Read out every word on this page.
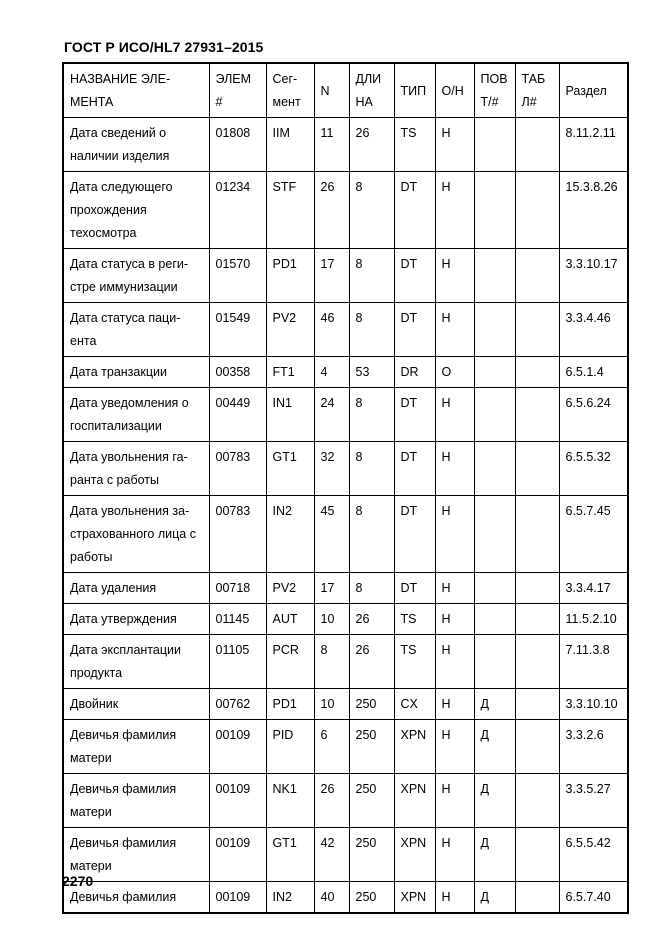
ГОСТ Р ИСО/HL7 27931–2015
НАЗВАНИЕ ЭЛЕМЕНТА	ЭЛЕМ #	Сегмент	N	ДЛИ НА	ТИП	О/Н	ПОВ Т/#	ТАБ Л#	Раздел
Дата сведений о наличии изделия	01808	IIM	11	26	TS	Н			8.11.2.11
Дата следующего прохождения техосмотра	01234	STF	26	8	DT	Н			15.3.8.26
Дата статуса в регистре иммунизации	01570	PD1	17	8	DT	Н			3.3.10.17
Дата статуса пациента	01549	PV2	46	8	DT	Н			3.3.4.46
Дата транзакции	00358	FT1	4	53	DR	О			6.5.1.4
Дата уведомления о госпитализации	00449	IN1	24	8	DT	Н			6.5.6.24
Дата увольнения гаранта с работы	00783	GT1	32	8	DT	Н			6.5.5.32
Дата увольнения застрахованного лица с работы	00783	IN2	45	8	DT	Н			6.5.7.45
Дата удаления	00718	PV2	17	8	DT	Н			3.3.4.17
Дата утверждения	01145	AUT	10	26	TS	Н			11.5.2.10
Дата эксплантации продукта	01105	PCR	8	26	TS	Н			7.11.3.8
Двойник	00762	PD1	10	250	CX	Н	Д		3.3.10.10
Девичья фамилия матери	00109	PID	6	250	XPN	Н	Д		3.3.2.6
Девичья фамилия матери	00109	NK1	26	250	XPN	Н	Д		3.3.5.27
Девичья фамилия матери	00109	GT1	42	250	XPN	Н	Д		6.5.5.42
Девичья фамилия	00109	IN2	40	250	XPN	Н	Д		6.5.7.40
2270
